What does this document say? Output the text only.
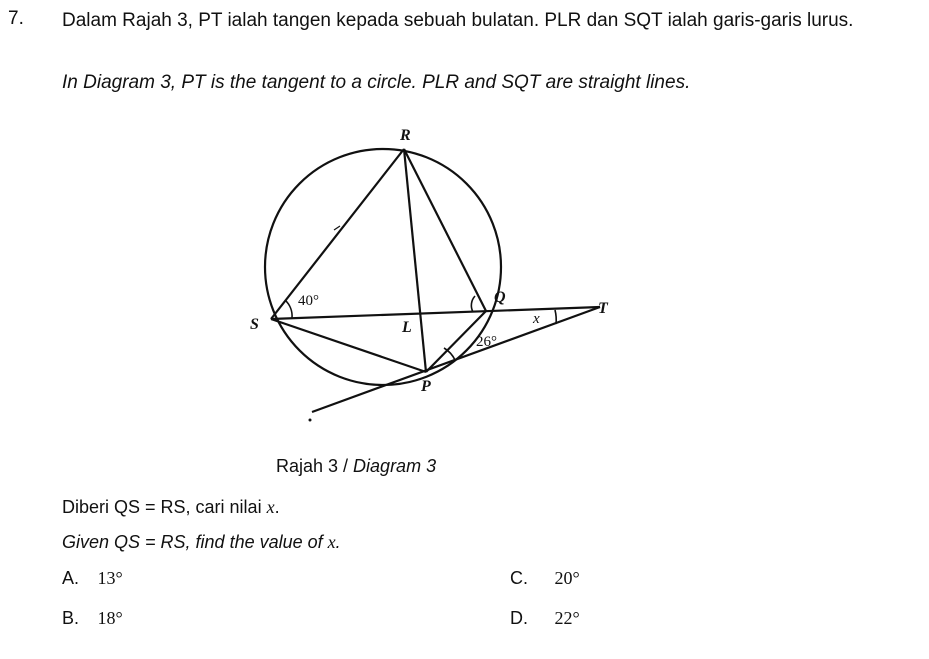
7. Dalam Rajah 3, PT ialah tangen kepada sebuah bulatan. PLR dan SQT ialah garis-garis lurus.
In Diagram 3, PT is the tangent to a circle. PLR and SQT are straight lines.
R
S	L
Q
T
P
40°
26°
x
Rajah 3 / Diagram 3
Diberi QS = RS, cari nilai x.
Given QS = RS, find the value of x.
A. 13°
B. 18°
C. 20°
D. 22°
